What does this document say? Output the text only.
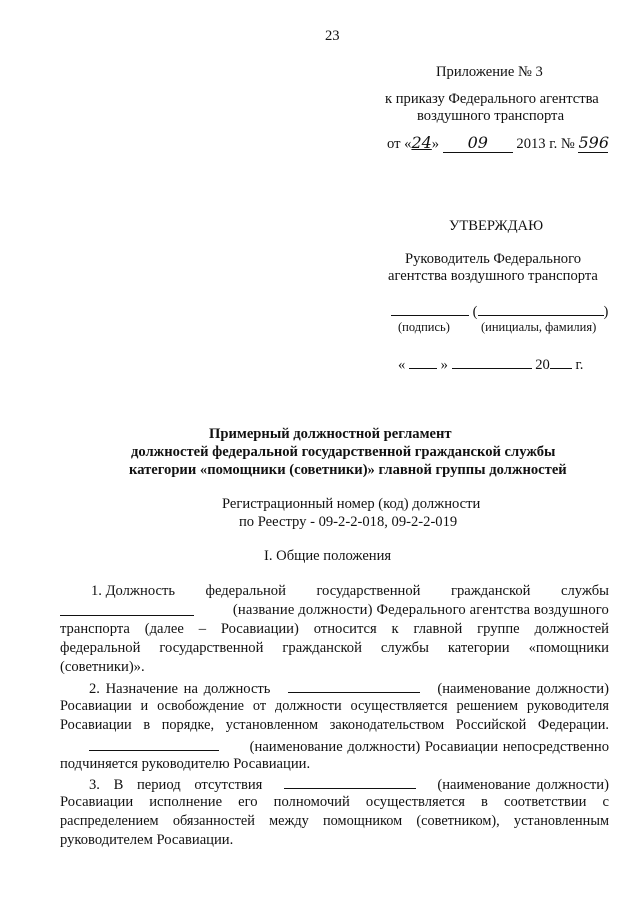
23
Приложение № 3
к приказу Федерального агентства
воздушного транспорта
от «24» 09 2013 г. № 596
УТВЕРЖДАЮ
Руководитель Федерального
агентства воздушного транспорта
(	)
(подпись) (инициалы, фамилия)
« »	20 г.
Примерный должностной регламент
должностей федеральной государственной гражданской службы
категории «помощники (советники)» главной группы должностей
Регистрационный номер (код) должности
по Реестру - 09-2-2-018, 09-2-2-019
I. Общие положения
1. Должность федеральной государственной гражданской службы
(название должности) Федерального агентства воздушного
транспорта (далее – Росавиации) относится к главной группе должностей
федеральной государственной гражданской службы категории «помощники
(советники)».
2. Назначение на должность	(наименование должности)
Росавиации и освобождение от должности осуществляется решением руководителя
Росавиации в порядке, установленном законодательством Российской Федерации.
(наименование должности) Росавиации непосредственно
подчиняется руководителю Росавиации.
3. В период отсутствия	(наименование должности)
Росавиации исполнение его полномочий осуществляется в соответствии с
распределением обязанностей между помощником (советником), установленным
руководителем Росавиации.
